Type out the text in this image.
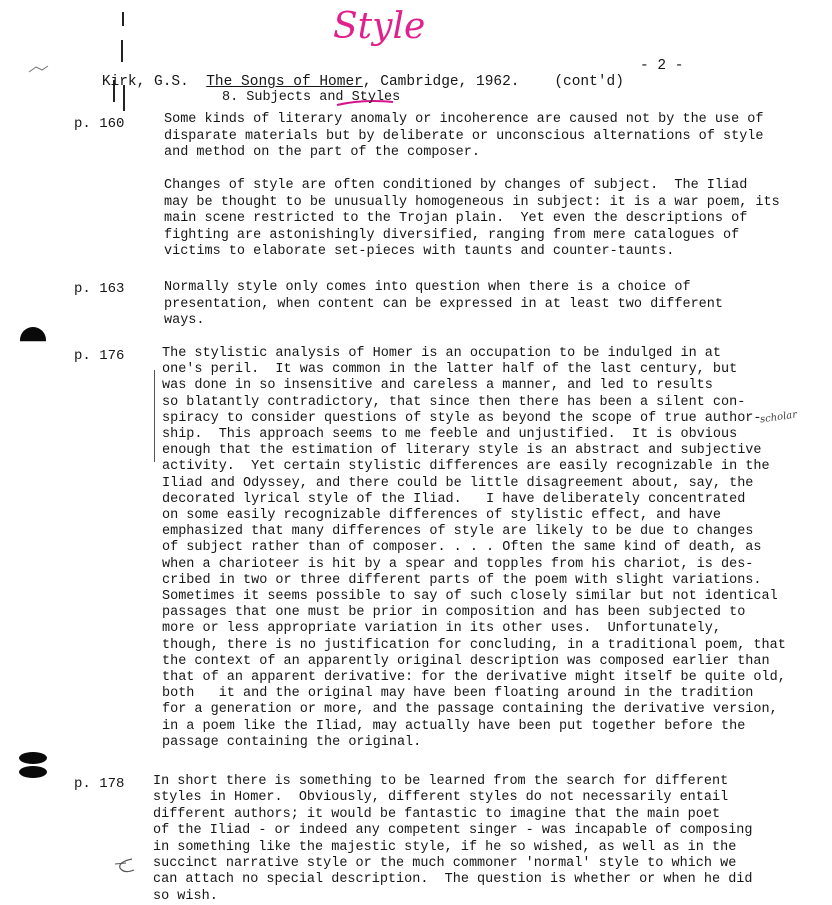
Style

Kirk, G.S. The Songs of Homer, Cambridge, 1962. (cont'd)

- 2 -

8. Subjects and Styles
p. 160
p. 163
p. 176
p. 178
scholar
Some kinds of literary anomaly or incoherence are caused not by the use of
disparate materials but by deliberate or unconscious alternations of style
and method on the part of the composer.
Changes of style are often conditioned by changes of subject.  The Iliad
may be thought to be unusually homogeneous in subject: it is a war poem, its
main scene restricted to the Trojan plain.  Yet even the descriptions of
fighting are astonishingly diversified, ranging from mere catalogues of
victims to elaborate set-pieces with taunts and counter-taunts.
Normally style only comes into question when there is a choice of
presentation, when content can be expressed in at least two different
ways.
The stylistic analysis of Homer is an occupation to be indulged in at
one's peril.  It was common in the latter half of the last century, but
was done in so insensitive and careless a manner, and led to results
so blatantly contradictory, that since then there has been a silent con-
spiracy to consider questions of style as beyond the scope of true author-
ship.  This approach seems to me feeble and unjustified.  It is obvious
enough that the estimation of literary style is an abstract and subjective
activity.  Yet certain stylistic differences are easily recognizable in the
Iliad and Odyssey, and there could be little disagreement about, say, the
decorated lyrical style of the Iliad.   I have deliberately concentrated
on some easily recognizable differences of stylistic effect, and have
emphasized that many differences of style are likely to be due to changes
of subject rather than of composer. . . . Often the same kind of death, as
when a charioteer is hit by a spear and topples from his chariot, is des-
cribed in two or three different parts of the poem with slight variations.
Sometimes it seems possible to say of such closely similar but not identical
passages that one must be prior in composition and has been subjected to
more or less appropriate variation in its other uses.  Unfortunately,
though, there is no justification for concluding, in a traditional poem, that
the context of an apparently original description was composed earlier than
that of an apparent derivative: for the derivative might itself be quite old,
both   it and the original may have been floating around in the tradition
for a generation or more, and the passage containing the derivative version,
in a poem like the Iliad, may actually have been put together before the
passage containing the original.
In short there is something to be learned from the search for different
styles in Homer.  Obviously, different styles do not necessarily entail
different authors; it would be fantastic to imagine that the main poet
of the Iliad - or indeed any competent singer - was incapable of composing
in something like the majestic style, if he so wished, as well as in the
succinct narrative style or the much commoner 'normal' style to which we
can attach no special description.  The question is whether or when he did
so wish.
